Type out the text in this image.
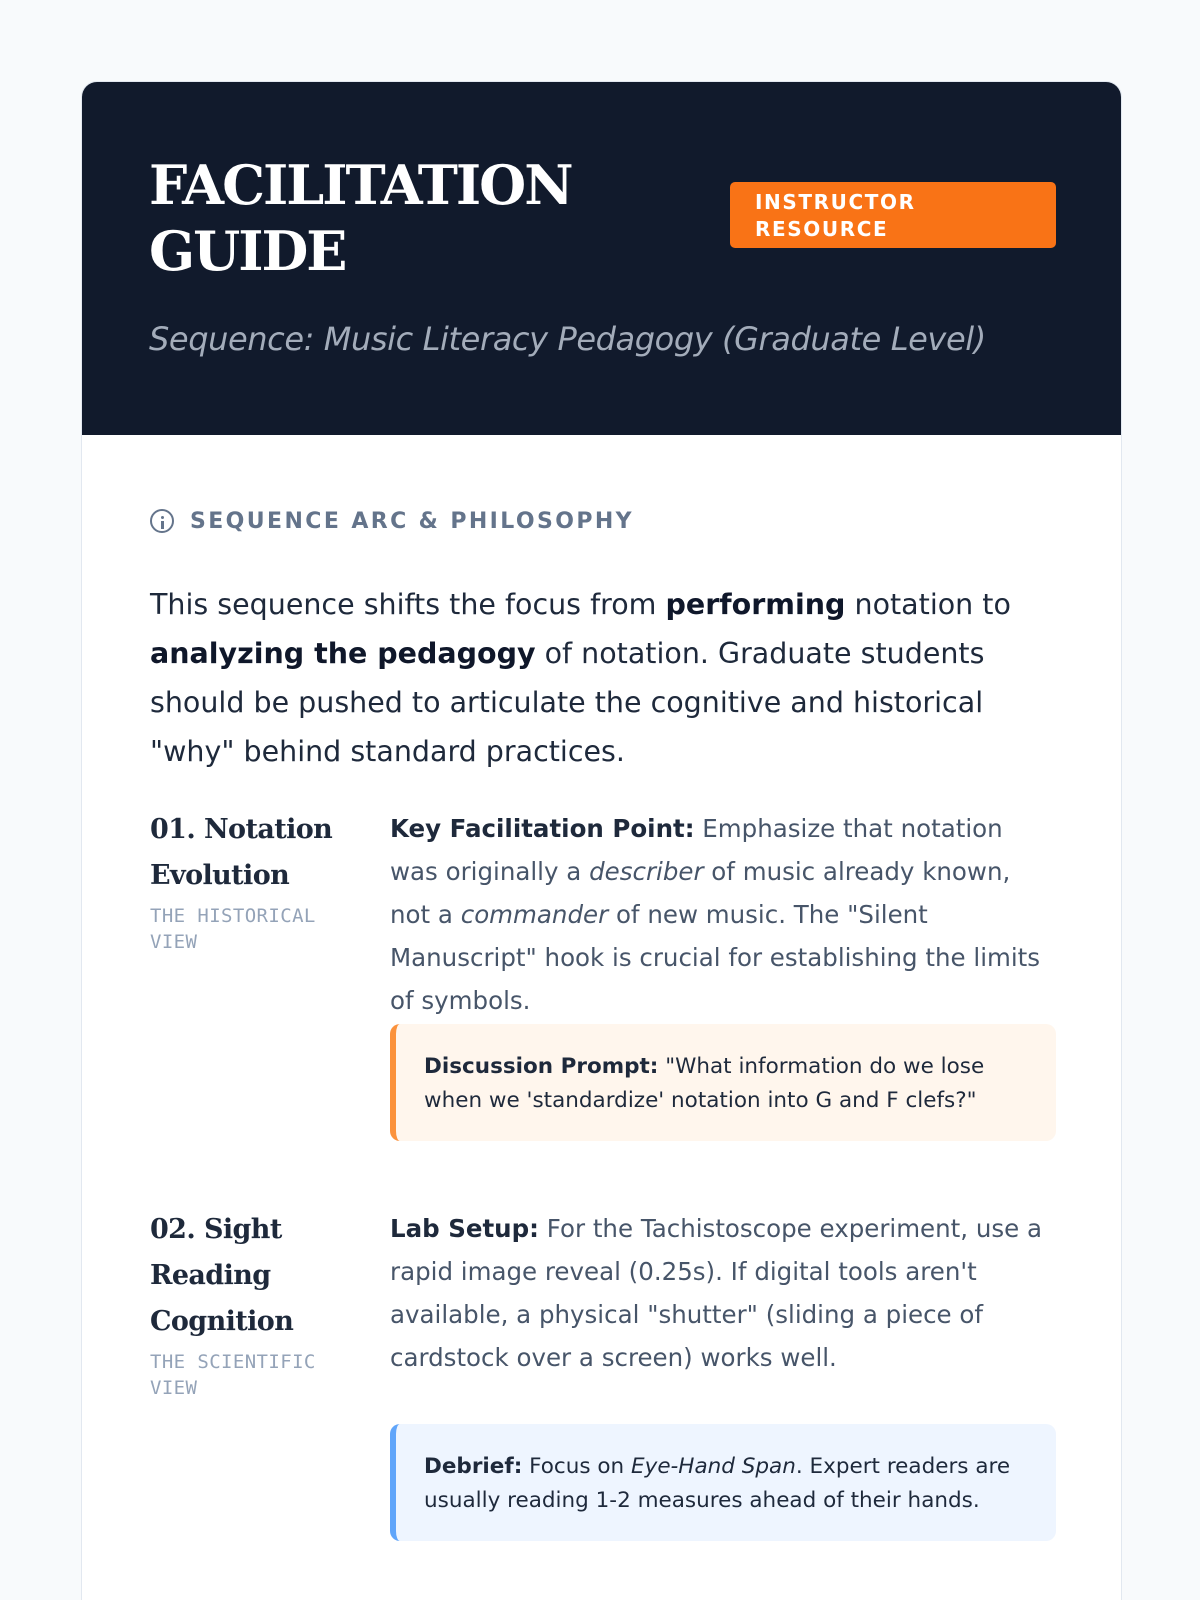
FACILITATION GUIDE
INSTRUCTOR RESOURCE
Sequence: Music Literacy Pedagogy (Graduate Level)
SEQUENCE ARC & PHILOSOPHY

This sequence shifts the focus from performing notation to analyzing the pedagogy of notation. Graduate students should be pushed to articulate the cognitive and historical "why" behind standard practices.

01. Notation Evolution
THE HISTORICAL VIEW

Key Facilitation Point: Emphasize that notation was originally a describer of music already known, not a commander of new music. The "Silent Manuscript" hook is crucial for establishing the limits of symbols.

Discussion Prompt: "What information do we lose when we 'standardize' notation into G and F clefs?"
02. Sight Reading Cognition
THE SCIENTIFIC VIEW

Lab Setup: For the Tachistoscope experiment, use a rapid image reveal (0.25s). If digital tools aren't available, a physical "shutter" (sliding a piece of cardstock over a screen) works well.

Debrief: Focus on Eye-Hand Span. Expert readers are usually reading 1-2 measures ahead of their hands.
